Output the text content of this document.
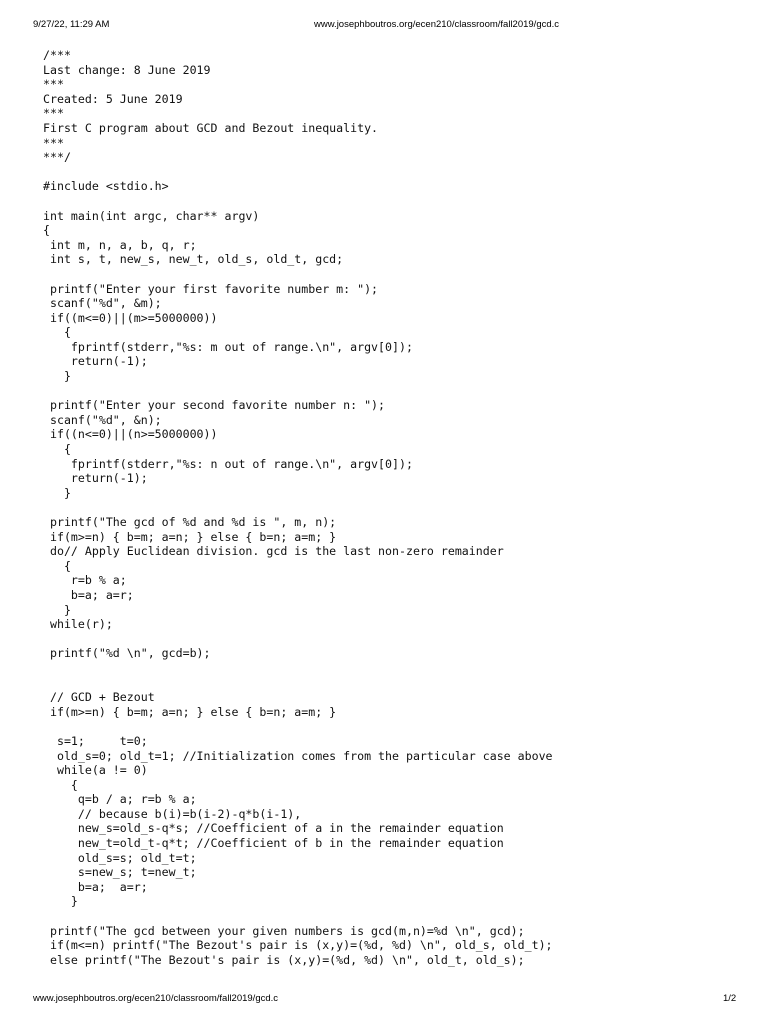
9/27/22, 11:29 AM	www.josephboutros.org/ecen210/classroom/fall2019/gcd.c
/***
Last change: 8 June 2019
***
Created: 5 June 2019
***
First C program about GCD and Bezout inequality.
***
***/
#include <stdio.h>
int main(int argc, char** argv)
{
int m, n, a, b, q, r;
int s, t, new_s, new_t, old_s, old_t, gcd;
printf("Enter your first favorite number m: ");
scanf("%d", &m);
if((m<=0)||(m>=5000000))
{
fprintf(stderr,"%s: m out of range.\n", argv[0]);
return(-1);
}
printf("Enter your second favorite number n: ");
scanf("%d", &n);
if((n<=0)||(n>=5000000))
{
fprintf(stderr,"%s: n out of range.\n", argv[0]);
return(-1);
}
printf("The gcd of %d and %d is ", m, n);
if(m>=n) { b=m; a=n; } else { b=n; a=m; }
do// Apply Euclidean division. gcd is the last non-zero remainder
{
r=b % a;
b=a; a=r;
}
while(r);
printf("%d \n", gcd=b);
// GCD + Bezout
if(m>=n) { b=m; a=n; } else { b=n; a=m; }
s=1;     t=0;
old_s=0; old_t=1; //Initialization comes from the particular case above
while(a != 0)
{
q=b / a; r=b % a;
// because b(i)=b(i-2)-q*b(i-1),
new_s=old_s-q*s; //Coefficient of a in the remainder equation
new_t=old_t-q*t; //Coefficient of b in the remainder equation
old_s=s; old_t=t;
s=new_s; t=new_t;
b=a;  a=r;
}
printf("The gcd between your given numbers is gcd(m,n)=%d \n", gcd);
if(m<=n) printf("The Bezout's pair is (x,y)=(%d, %d) \n", old_s, old_t);
else printf("The Bezout's pair is (x,y)=(%d, %d) \n", old_t, old_s);
www.josephboutros.org/ecen210/classroom/fall2019/gcd.c	1/2
